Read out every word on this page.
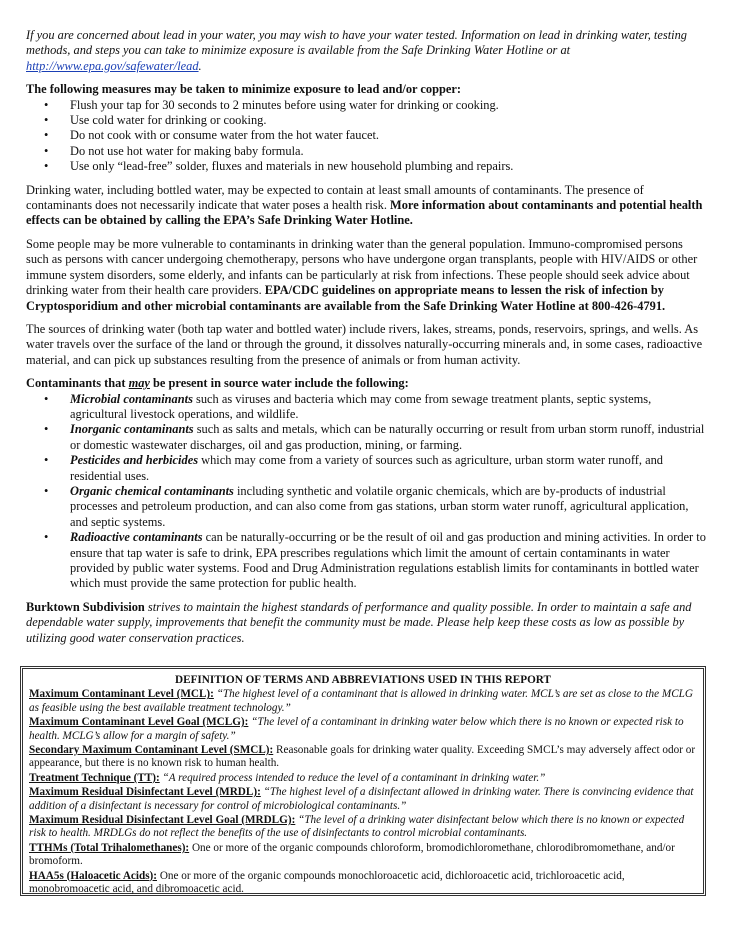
If you are concerned about lead in your water, you may wish to have your water tested. Information on lead in drinking water, testing methods, and steps you can take to minimize exposure is available from the Safe Drinking Water Hotline or at http://www.epa.gov/safewater/lead.

The following measures may be taken to minimize exposure to lead and/or copper:
• Flush your tap for 30 seconds to 2 minutes before using water for drinking or cooking.
• Use cold water for drinking or cooking.
• Do not cook with or consume water from the hot water faucet.
• Do not use hot water for making baby formula.
• Use only “lead-free” solder, fluxes and materials in new household plumbing and repairs.

Drinking water, including bottled water, may be expected to contain at least small amounts of contaminants. The presence of contaminants does not necessarily indicate that water poses a health risk. More information about contaminants and potential health effects can be obtained by calling the EPA’s Safe Drinking Water Hotline.

Some people may be more vulnerable to contaminants in drinking water than the general population. Immuno-compromised persons such as persons with cancer undergoing chemotherapy, persons who have undergone organ transplants, people with HIV/AIDS or other immune system disorders, some elderly, and infants can be particularly at risk from infections. These people should seek advice about drinking water from their health care providers. EPA/CDC guidelines on appropriate means to lessen the risk of infection by Cryptosporidium and other microbial contaminants are available from the Safe Drinking Water Hotline at 800-426-4791.

The sources of drinking water (both tap water and bottled water) include rivers, lakes, streams, ponds, reservoirs, springs, and wells. As water travels over the surface of the land or through the ground, it dissolves naturally-occurring minerals and, in some cases, radioactive material, and can pick up substances resulting from the presence of animals or from human activity.

Contaminants that may be present in source water include the following:
• Microbial contaminants such as viruses and bacteria which may come from sewage treatment plants, septic systems, agricultural livestock operations, and wildlife.
• Inorganic contaminants such as salts and metals, which can be naturally occurring or result from urban storm runoff, industrial or domestic wastewater discharges, oil and gas production, mining, or farming.
• Pesticides and herbicides which may come from a variety of sources such as agriculture, urban storm water runoff, and residential uses.
• Organic chemical contaminants including synthetic and volatile organic chemicals, which are by-products of industrial processes and petroleum production, and can also come from gas stations, urban storm water runoff, agricultural application, and septic systems.
• Radioactive contaminants can be naturally-occurring or be the result of oil and gas production and mining activities. In order to ensure that tap water is safe to drink, EPA prescribes regulations which limit the amount of certain contaminants in water provided by public water systems. Food and Drug Administration regulations establish limits for contaminants in bottled water which must provide the same protection for public health.

Burktown Subdivision strives to maintain the highest standards of performance and quality possible. In order to maintain a safe and dependable water supply, improvements that benefit the community must be made. Please help keep these costs as low as possible by utilizing good water conservation practices.

DEFINITION OF TERMS AND ABBREVIATIONS USED IN THIS REPORT
Maximum Contaminant Level (MCL): “The highest level of a contaminant that is allowed in drinking water. MCL’s are set as close to the MCLG as feasible using the best available treatment technology.”
Maximum Contaminant Level Goal (MCLG): “The level of a contaminant in drinking water below which there is no known or expected risk to health. MCLG’s allow for a margin of safety.”
Secondary Maximum Contaminant Level (SMCL): Reasonable goals for drinking water quality. Exceeding SMCL’s may adversely affect odor or appearance, but there is no known risk to human health.
Treatment Technique (TT): “A required process intended to reduce the level of a contaminant in drinking water.”
Maximum Residual Disinfectant Level (MRDL): “The highest level of a disinfectant allowed in drinking water. There is convincing evidence that addition of a disinfectant is necessary for control of microbiological contaminants.”
Maximum Residual Disinfectant Level Goal (MRDLG): “The level of a drinking water disinfectant below which there is no known or expected risk to health. MRDLGs do not reflect the benefits of the use of disinfectants to control microbial contaminants.
TTHMs (Total Trihalomethanes): One or more of the organic compounds chloroform, bromodichloromethane, chlorodibromomethane, and/or bromoform.
HAA5s (Haloacetic Acids): One or more of the organic compounds monochloroacetic acid, dichloroacetic acid, trichloroacetic acid, monobromoacetic acid, and dibromoacetic acid.
